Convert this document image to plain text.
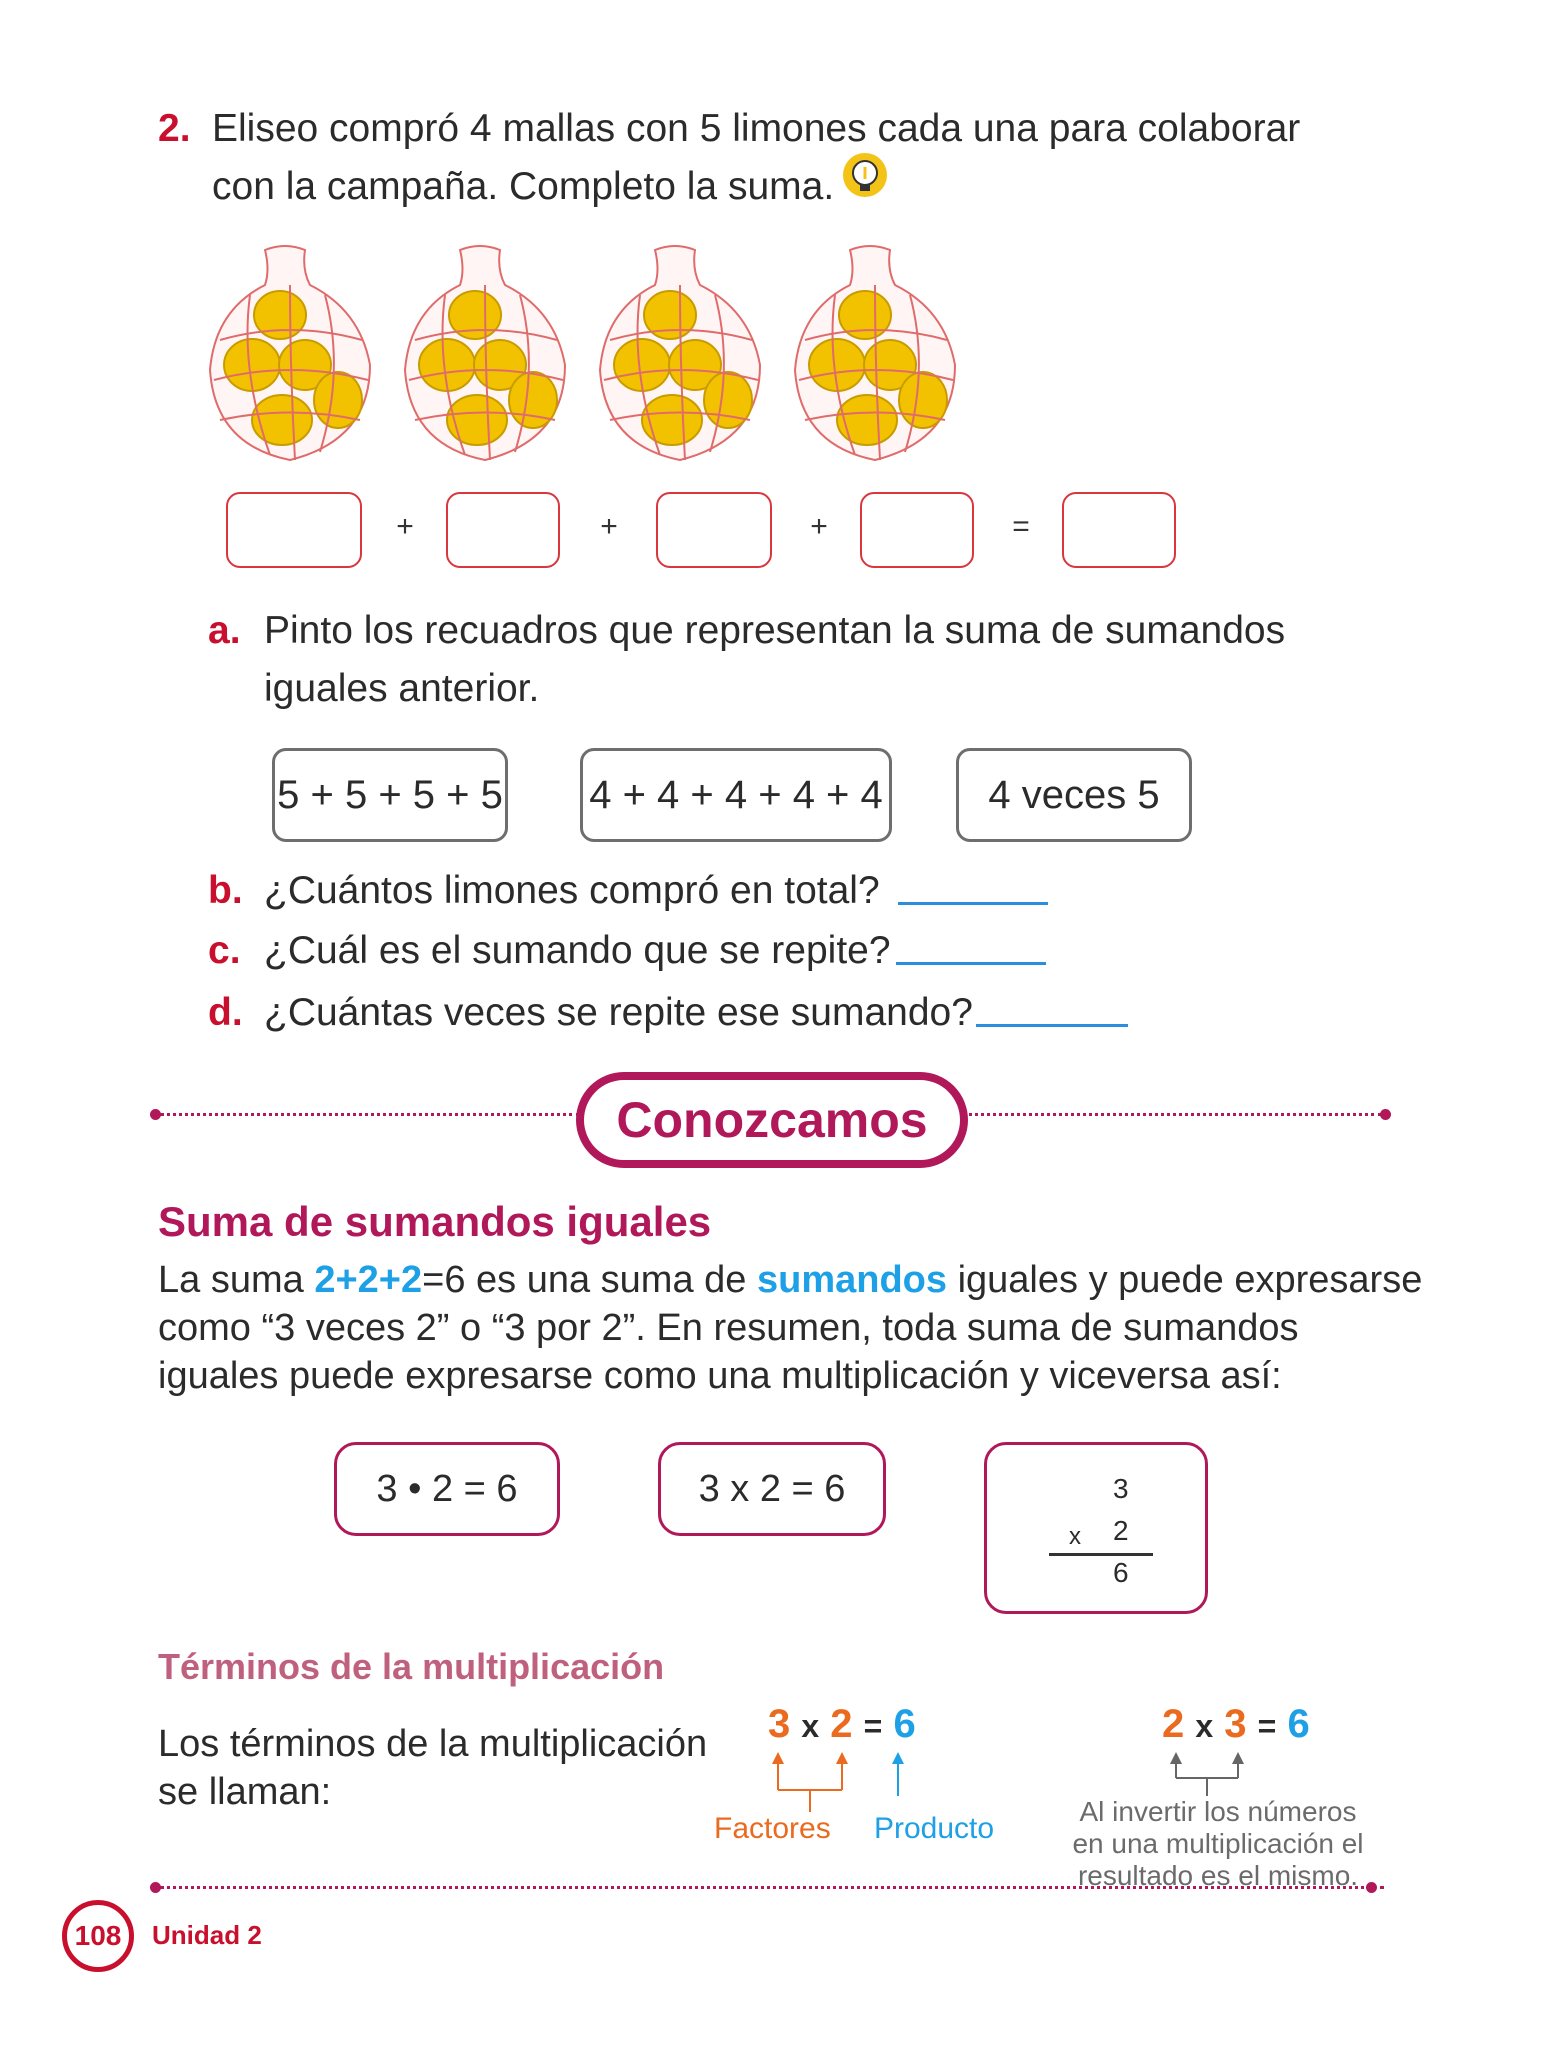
2. Eliseo compró 4 mallas con 5 limones cada una para colaborar
con la campaña. Completo la suma.
+	+	+	=
a. Pinto los recuadros que representan la suma de sumandos
iguales anterior.
5 + 5 + 5 + 5 4 + 4 + 4 + 4 + 4	4 veces 5
b. ¿Cuántos limones compró en total?
c. ¿Cuál es el sumando que se repite?
d. ¿Cuántas veces se repite ese sumando?
Conozcamos
Suma de sumandos iguales
La suma 2+2+2=6 es una suma de sumandos iguales y puede expresarse
como “3 veces 2” o “3 por 2”. En resumen, toda suma de sumandos
iguales puede expresarse como una multiplicación y viceversa así:
3 • 2 = 6	3 x 2 = 6	3
x 2
6
Términos de la multiplicación
Los términos de la multiplicación
se llaman:
3 x 2 = 6
Factores Producto
2 x 3 = 6
Al invertir los números
en una multiplicación el
resultado es el mismo.
108	Unidad 2
